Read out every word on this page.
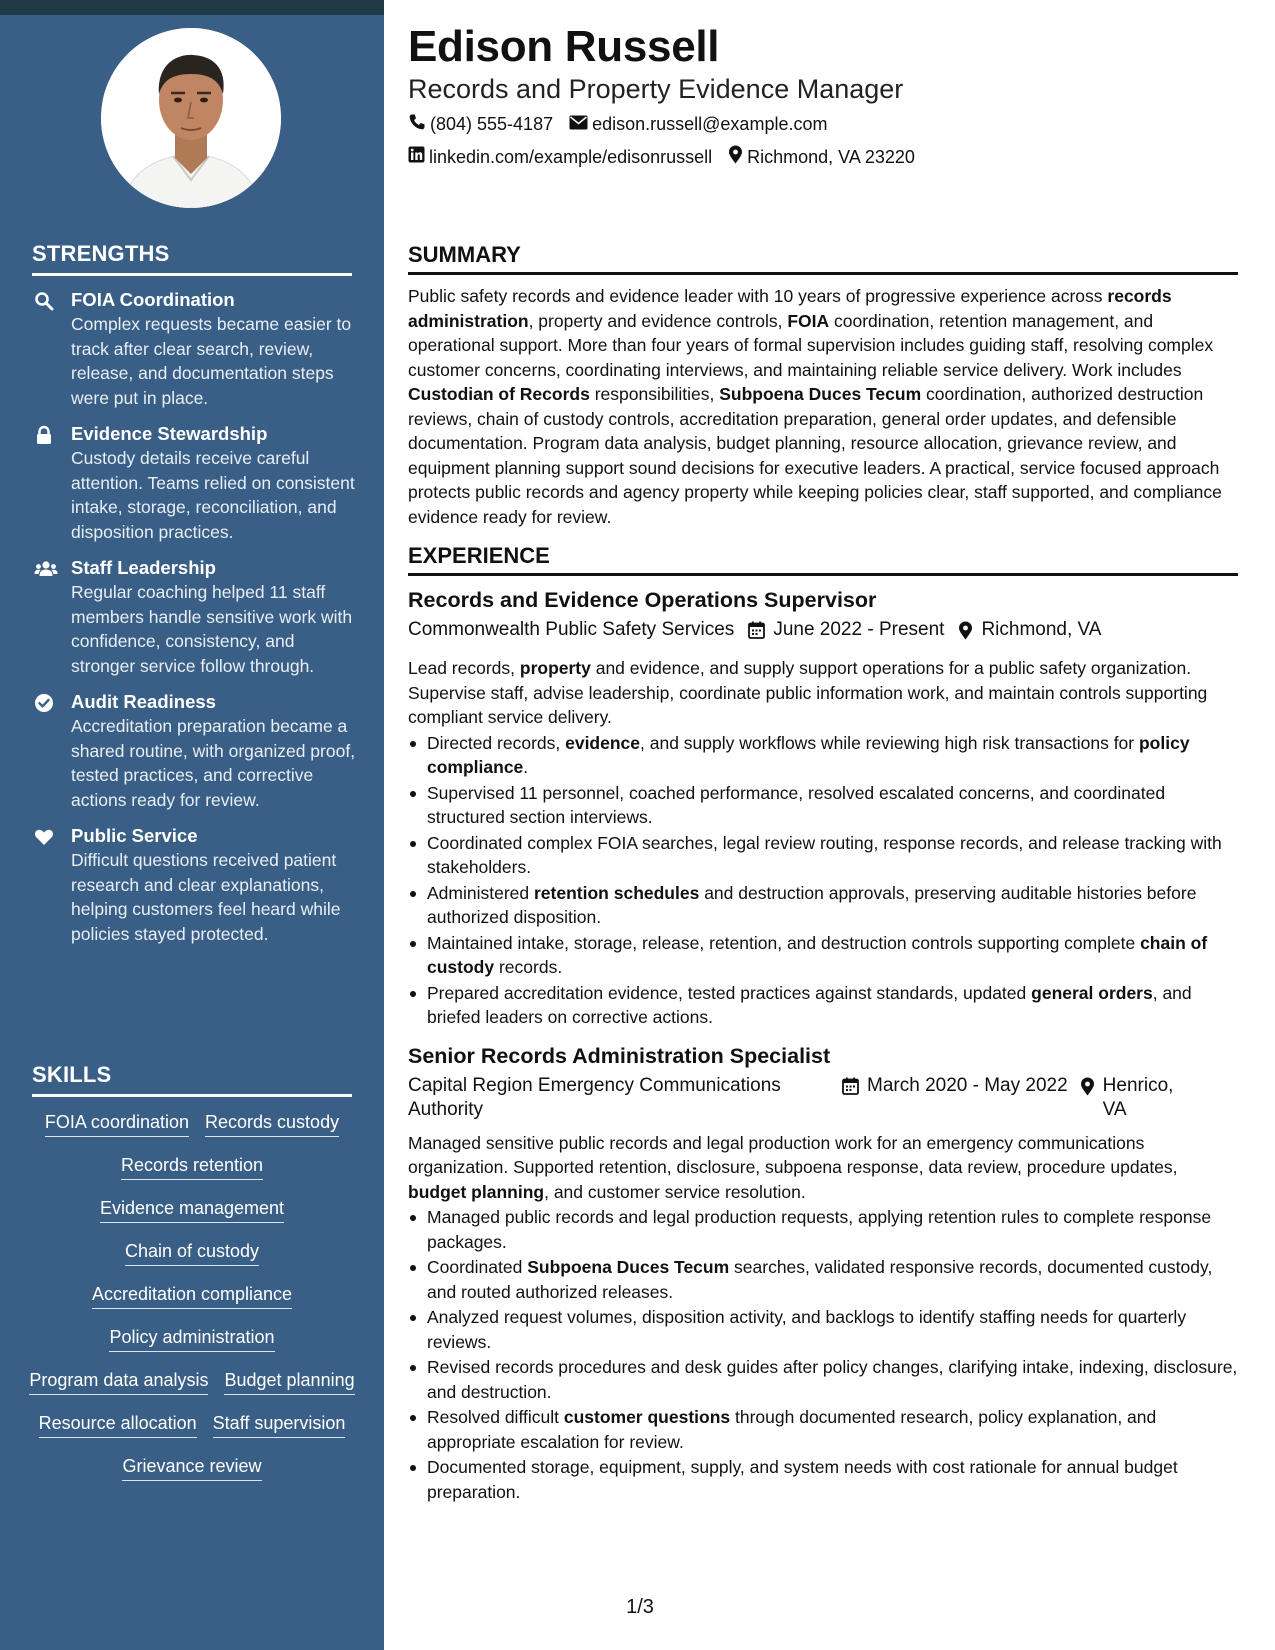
STRENGTHS
FOIA Coordination
Complex requests became easier to track after clear search, review, release, and documentation steps were put in place.
Evidence Stewardship
Custody details receive careful attention. Teams relied on consistent intake, storage, reconciliation, and disposition practices.
Staff Leadership
Regular coaching helped 11 staff members handle sensitive work with confidence, consistency, and stronger service follow through.
Audit Readiness
Accreditation preparation became a shared routine, with organized proof, tested practices, and corrective actions ready for review.
Public Service
Difficult questions received patient research and clear explanations, helping customers feel heard while policies stayed protected.
SKILLS
FOIA coordination Records custody
Records retention
Evidence management
Chain of custody
Accreditation compliance
Policy administration
Program data analysis Budget planning
Resource allocation Staff supervision
Grievance review
Edison Russell
Records and Property Evidence Manager
(804) 555-4187 edison.russell@example.com
linkedin.com/example/edisonrussell Richmond, VA 23220
SUMMARY

Public safety records and evidence leader with 10 years of progressive experience across records administration, property and evidence controls, FOIA coordination, retention management, and operational support. More than four years of formal supervision includes guiding staff, resolving complex customer concerns, coordinating interviews, and maintaining reliable service delivery. Work includes Custodian of Records responsibilities, Subpoena Duces Tecum coordination, authorized destruction reviews, chain of custody controls, accreditation preparation, general order updates, and defensible documentation. Program data analysis, budget planning, resource allocation, grievance review, and equipment planning support sound decisions for executive leaders. A practical, service focused approach protects public records and agency property while keeping policies clear, staff supported, and compliance evidence ready for review.

EXPERIENCE
Records and Evidence Operations Supervisor
Commonwealth Public Safety Services June 2022 - Present Richmond, VA

Lead records, property and evidence, and supply support operations for a public safety organization. Supervise staff, advise leadership, coordinate public information work, and maintain controls supporting compliant service delivery.

Directed records, evidence, and supply workflows while reviewing high risk transactions for policy compliance.
Supervised 11 personnel, coached performance, resolved escalated concerns, and coordinated structured section interviews.
Coordinated complex FOIA searches, legal review routing, response records, and release tracking with stakeholders.
Administered retention schedules and destruction approvals, preserving auditable histories before authorized disposition.
Maintained intake, storage, release, retention, and destruction controls supporting complete chain of custody records.
Prepared accreditation evidence, tested practices against standards, updated general orders, and briefed leaders on corrective actions.
Senior Records Administration Specialist
Capital Region Emergency Communications Authority
March 2020 - May 2022 Henrico, VA

Managed sensitive public records and legal production work for an emergency communications organization. Supported retention, disclosure, subpoena response, data review, procedure updates, budget planning, and customer service resolution.

Managed public records and legal production requests, applying retention rules to complete response packages.
Coordinated Subpoena Duces Tecum searches, validated responsive records, documented custody, and routed authorized releases.
Analyzed request volumes, disposition activity, and backlogs to identify staffing needs for quarterly reviews.
Revised records procedures and desk guides after policy changes, clarifying intake, indexing, disclosure, and destruction.
Resolved difficult customer questions through documented research, policy explanation, and appropriate escalation for review.
Documented storage, equipment, supply, and system needs with cost rationale for annual budget preparation.
1/3
